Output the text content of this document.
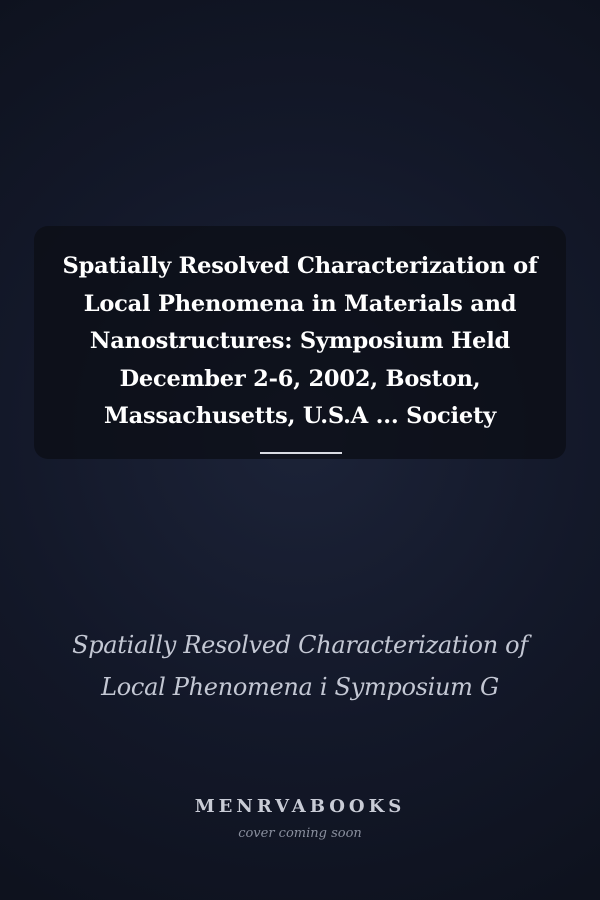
Spatially Resolved Characterization of Local Phenomena in Materials and Nanostructures: Symposium Held December 2-6, 2002, Boston, Massachusetts, U.S.A ... Society

Spatially Resolved Characterization of Local Phenomena i Symposium G

MENRVABOOKS
cover coming soon
